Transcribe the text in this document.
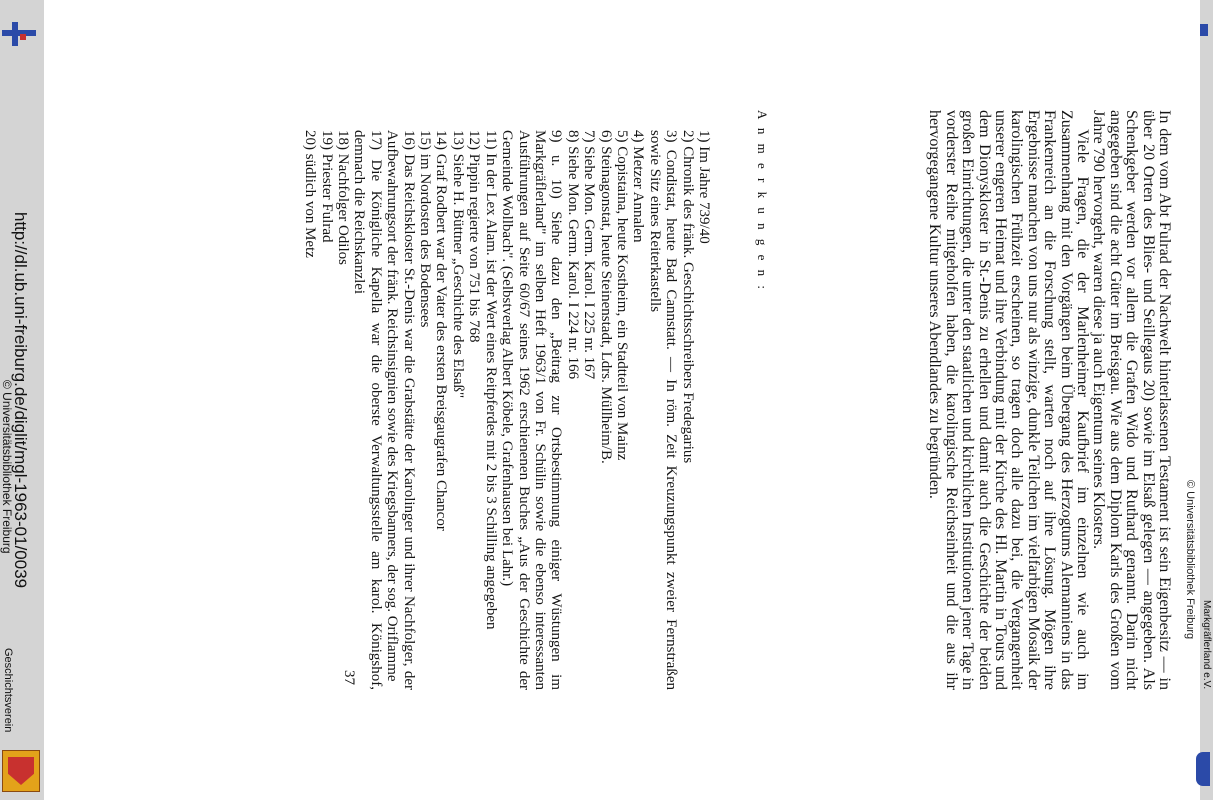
http://dl.ub.uni-freiburg.de/diglit/mgl-1963-01/0039
© Universitätsbibliothek Freiburg
Geschichtsverein
© Universitätsbibliothek Freiburg

In dem vom Abt Fulrad der Nachwelt hinterlassenen Testament ist sein Eigenbesitz — in über 20 Orten des Blies- und Seillegaus 20) sowie im Elsaß gelegen — angegeben. Als Schenkgeber werden vor allem die Grafen Wido und Ruthard genannt. Darin nicht angegeben sind die acht Güter im Breisgau. Wie aus dem Diplom Karls des Großen vom Jahre 790 hervorgeht, waren diese ja auch Eigentum seines Klosters.

Viele Fragen, die der Marlenheimer Kaufbrief im einzelnen wie auch im Zusammenhang mit den Vorgängen beim Übergang des Herzogtums Alemanniens in das Frankenreich an die Forschung stellt, warten noch auf ihre Lösung. Mögen ihre Ergebnisse manchen von uns nur als winzige, dunkle Teilchen im vielfarbigen Mosaik der karolingischen Frühzeit erscheinen, so tragen doch alle dazu bei, die Vergangenheit unserer engeren Heimat und ihre Verbindung mit der Kirche des Hl. Martin in Tours und dem Dionyskloster in St.-Denis zu erhellen und damit auch die Geschichte der beiden großen Einrichtungen, die unter den staatlichen und kirchlichen Institutionen jener Tage in vorderster Reihe mitgeholfen haben, die karolingische Reichseinheit und die aus ihr hervorgegangene Kultur unseres Abendlandes zu begründen.

A n m e r k u n g e n :

1) Im Jahre 739/40

2) Chronik des fränk. Geschichtsschreibers Fredegarius

3) Condistat, heute Bad Cannstatt. — In röm. Zeit Kreuzungspunkt zweier Fernstraßen sowie Sitz eines Reiterkastells

4) Metzer Annalen

5) Copistaina, heute Kostheim, ein Stadtteil von Mainz

6) Steinagonstat, heute Steinenstadt, Ldrs. Müllheim/B.

7) Siehe Mon. Germ. Karol. I 225 nr. 167

8) Siehe Mon. Germ. Karol. I 224 nr. 166

9) u. 10) Siehe dazu den „Beitrag zur Ortsbestimmung einiger Wüstungen im Markgräflerland" im selben Heft 1963/1 von Fr. Schülin sowie die ebenso interessanten Ausführungen auf Seite 60/67 seines 1962 erschienenen Buches „Aus der Geschichte der Gemeinde Wollbach". (Selbstverlag Albert Köbele, Grafenhausen bei Lahr.)

11) In der Lex Alam. ist der Wert eines Reitpferdes mit 2 bis 3 Schilling angegeben

12) Pippin regierte von 751 bis 768

13) Siehe H. Büttner „Geschichte des Elsaß"

14) Graf Rodbert war der Vater des ersten Breisgaugrafen Chancor

15) im Nordosten des Bodensees

16) Das Reichskloster St.-Denis war die Grabstätte der Karolinger und ihrer Nachfolger, der Aufbewahrungsort der fränk. Reichsinsignien sowie des Kriegsbanners, der sog. Oriflamme

17) Die Königliche Kapella war die oberste Verwaltungsstelle am karol. Königshof, demnach die Reichskanzlei

18) Nachfolger Odilos

19) Priester Fulrad

20) südlich von Metz

37	Markgräflerland e.V.
